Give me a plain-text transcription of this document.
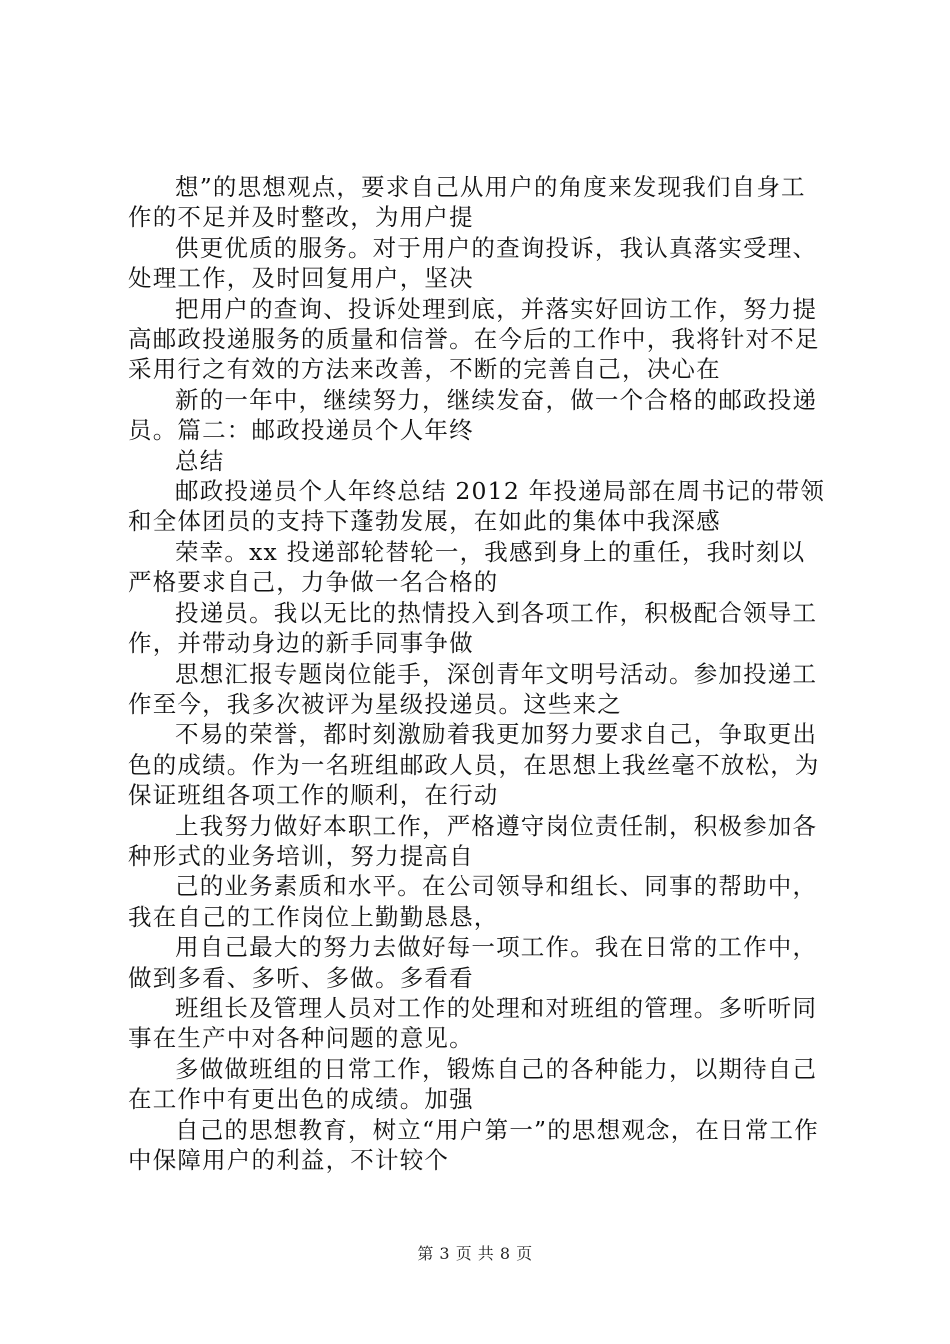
想”的思想观点，要求自己从用户的角度来发现我们自身工作的不足并及时整改，为用户提

供更优质的服务。对于用户的查询投诉，我认真落实受理、处理工作，及时回复用户，坚决

把用户的查询、投诉处理到底，并落实好回访工作，努力提高邮政投递服务的质量和信誉。在今后的工作中，我将针对不足采用行之有效的方法来改善，不断的完善自己，决心在

新的一年中，继续努力，继续发奋，做一个合格的邮政投递员。篇二：邮政投递员个人年终

总结

邮政投递员个人年终总结 2012 年投递局部在周书记的带领和全体团员的支持下蓬勃发展，在如此的集体中我深感

荣幸。xx 投递部轮替轮一，我感到身上的重任，我时刻以严格要求自己，力争做一名合格的

投递员。我以无比的热情投入到各项工作，积极配合领导工作，并带动身边的新手同事争做

思想汇报专题岗位能手，深创青年文明号活动。参加投递工作至今，我多次被评为星级投递员。这些来之

不易的荣誉，都时刻激励着我更加努力要求自己，争取更出色的成绩。作为一名班组邮政人员，在思想上我丝毫不放松，为保证班组各项工作的顺利，在行动

上我努力做好本职工作，严格遵守岗位责任制，积极参加各种形式的业务培训，努力提高自

己的业务素质和水平。在公司领导和组长、同事的帮助中，我在自己的工作岗位上勤勤恳恳，

用自己最大的努力去做好每一项工作。我在日常的工作中，做到多看、多听、多做。多看看

班组长及管理人员对工作的处理和对班组的管理。多听听同事在生产中对各种问题的意见。

多做做班组的日常工作，锻炼自己的各种能力，以期待自己在工作中有更出色的成绩。加强

自己的思想教育，树立“用户第一”的思想观念，在日常工作中保障用户的利益，不计较个

第 3 页 共 8 页
